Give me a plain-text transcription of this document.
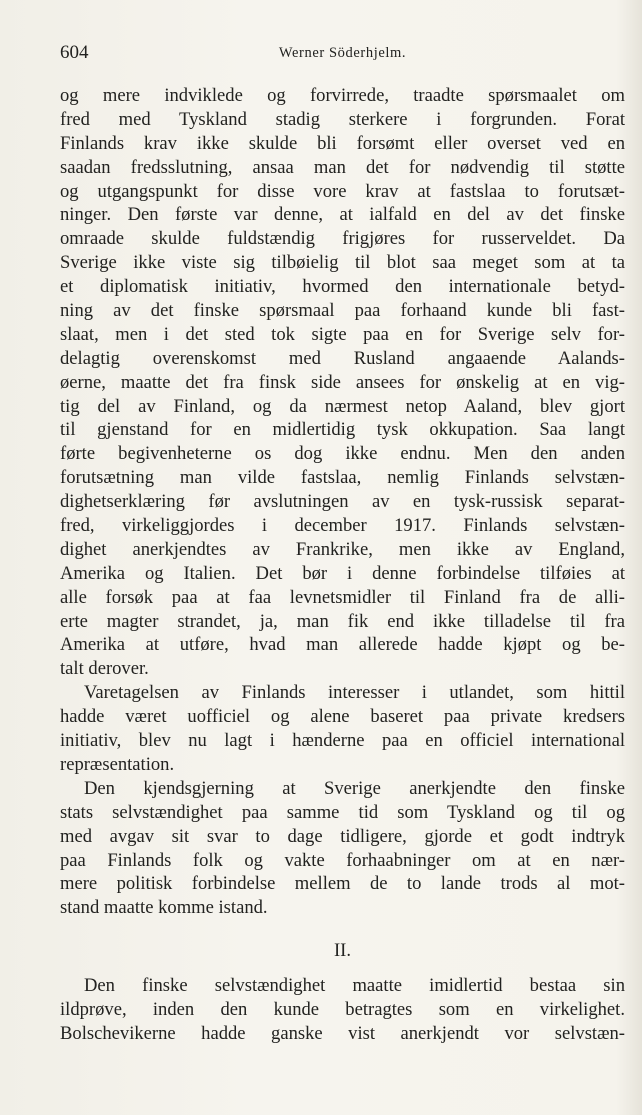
604	Werner Söderhjelm.
og mere indviklede og forvirrede, traadte spørsmaalet om
fred med Tyskland stadig sterkere i forgrunden. Forat
Finlands krav ikke skulde bli forsømt eller overset ved en
saadan fredsslutning, ansaa man det for nødvendig til støtte
og utgangspunkt for disse vore krav at fastslaa to forutsæt-
ninger. Den første var denne, at ialfald en del av det finske
omraade skulde fuldstændig frigjøres for russerveldet. Da
Sverige ikke viste sig tilbøielig til blot saa meget som at ta
et diplomatisk initiativ, hvormed den internationale betyd-
ning av det finske spørsmaal paa forhaand kunde bli fast-
slaat, men i det sted tok sigte paa en for Sverige selv for-
delagtig overenskomst med Rusland angaaende Aalands-
øerne, maatte det fra finsk side ansees for ønskelig at en vig-
tig del av Finland, og da nærmest netop Aaland, blev gjort
til gjenstand for en midlertidig tysk okkupation. Saa langt
førte begivenheterne os dog ikke endnu. Men den anden
forutsætning man vilde fastslaa, nemlig Finlands selvstæn-
dighetserklæring før avslutningen av en tysk-russisk separat-
fred, virkeliggjordes i december 1917. Finlands selvstæn-
dighet anerkjendtes av Frankrike, men ikke av England,
Amerika og Italien. Det bør i denne forbindelse tilføies at
alle forsøk paa at faa levnetsmidler til Finland fra de alli-
erte magter strandet, ja, man fik end ikke tilladelse til fra
Amerika at utføre, hvad man allerede hadde kjøpt og be-
talt derover.
Varetagelsen av Finlands interesser i utlandet, som hittil
hadde været uofficiel og alene baseret paa private kredsers
initiativ, blev nu lagt i hænderne paa en officiel international
repræsentation.
Den kjendsgjerning at Sverige anerkjendte den finske
stats selvstændighet paa samme tid som Tyskland og til og
med avgav sit svar to dage tidligere, gjorde et godt indtryk
paa Finlands folk og vakte forhaabninger om at en nær-
mere politisk forbindelse mellem de to lande trods al mot-
stand maatte komme istand.
II.
Den finske selvstændighet maatte imidlertid bestaa sin
ildprøve, inden den kunde betragtes som en virkelighet.
Bolschevikerne hadde ganske vist anerkjendt vor selvstæn-
